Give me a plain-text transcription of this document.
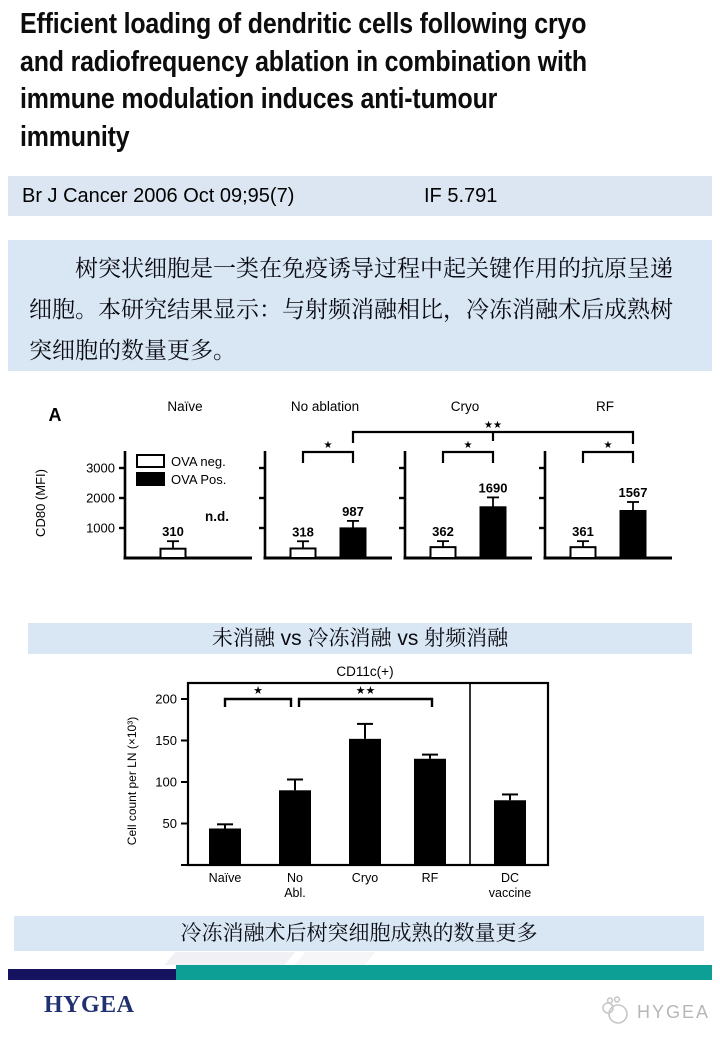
Efficient loading of dendritic cells following cryo
and radiofrequency ablation in combination with
immune modulation induces anti-tumour
immunity
Br J Cancer 2006 Oct 09;95(7)	IF 5.791

树突状细胞是一类在免疫诱导过程中起关键作用的抗原呈递细胞。本研究结果显示：与射频消融相比，冷冻消融术后成熟树突细胞的数量更多。

A
CD80 (MFI)
Naïve
1000
2000
3000
310
n.d.
OVA neg.
OVA Pos.
No ablation
318
987
★
Cryo
362
1690
★
RF
361
1567
★
★★
未消融 vs 冷冻消融 vs 射频消融
CD11c(+)
50
100
150
200
Cell count per LN (×10³)
Naïve	No
Abl.
Cryo	RF	DC
vaccine
★	★★
冷冻消融术后树突细胞成熟的数量更多
HYGEA	HYGEA
